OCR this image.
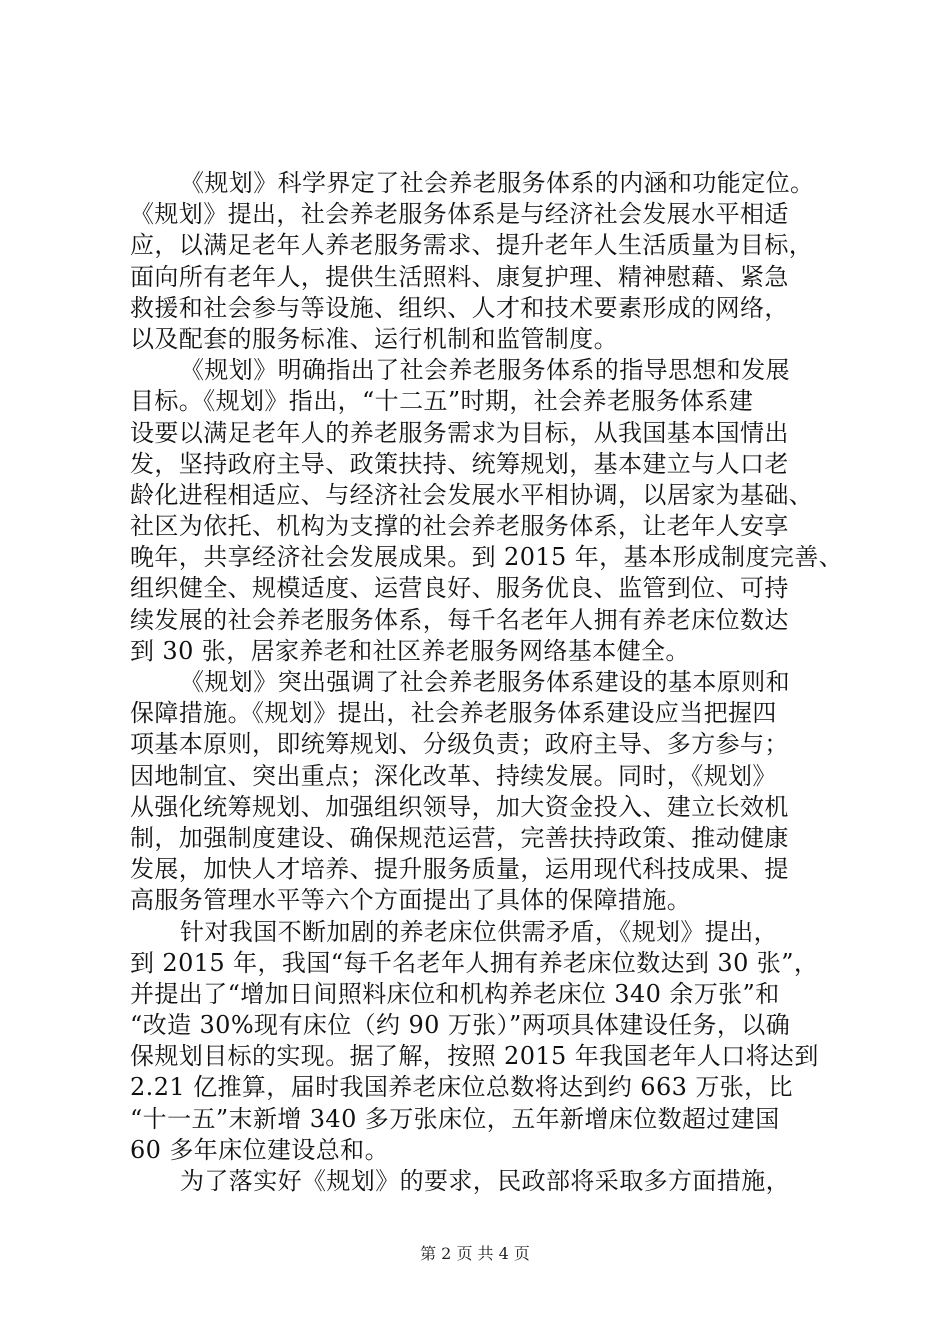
《规划》科学界定了社会养老服务体系的内涵和功能定位。
《规划》提出，社会养老服务体系是与经济社会发展水平相适
应，以满足老年人养老服务需求、提升老年人生活质量为目标，
面向所有老年人，提供生活照料、康复护理、精神慰藉、紧急
救援和社会参与等设施、组织、人才和技术要素形成的网络，
以及配套的服务标准、运行机制和监管制度。
《规划》明确指出了社会养老服务体系的指导思想和发展
目标。《规划》指出，“十二五”时期，社会养老服务体系建
设要以满足老年人的养老服务需求为目标，从我国基本国情出
发，坚持政府主导、政策扶持、统筹规划，基本建立与人口老
龄化进程相适应、与经济社会发展水平相协调，以居家为基础、
社区为依托、机构为支撑的社会养老服务体系，让老年人安享
晚年，共享经济社会发展成果。到 2015 年，基本形成制度完善、
组织健全、规模适度、运营良好、服务优良、监管到位、可持
续发展的社会养老服务体系，每千名老年人拥有养老床位数达
到 30 张，居家养老和社区养老服务网络基本健全。
《规划》突出强调了社会养老服务体系建设的基本原则和
保障措施。《规划》提出，社会养老服务体系建设应当把握四
项基本原则，即统筹规划、分级负责；政府主导、多方参与；
因地制宜、突出重点；深化改革、持续发展。同时，《规划》
从强化统筹规划、加强组织领导，加大资金投入、建立长效机
制，加强制度建设、确保规范运营，完善扶持政策、推动健康
发展，加快人才培养、提升服务质量，运用现代科技成果、提
高服务管理水平等六个方面提出了具体的保障措施。
针对我国不断加剧的养老床位供需矛盾，《规划》提出，
到 2015 年，我国“每千名老年人拥有养老床位数达到 30 张”，
并提出了“增加日间照料床位和机构养老床位 340 余万张”和
“改造 30%现有床位（约 90 万张）”两项具体建设任务，以确
保规划目标的实现。据了解，按照 2015 年我国老年人口将达到
2.21 亿推算，届时我国养老床位总数将达到约 663 万张，比
“十一五”末新增 340 多万张床位，五年新增床位数超过建国
60 多年床位建设总和。
为了落实好《规划》的要求，民政部将采取多方面措施，
第 2 页 共 4 页
